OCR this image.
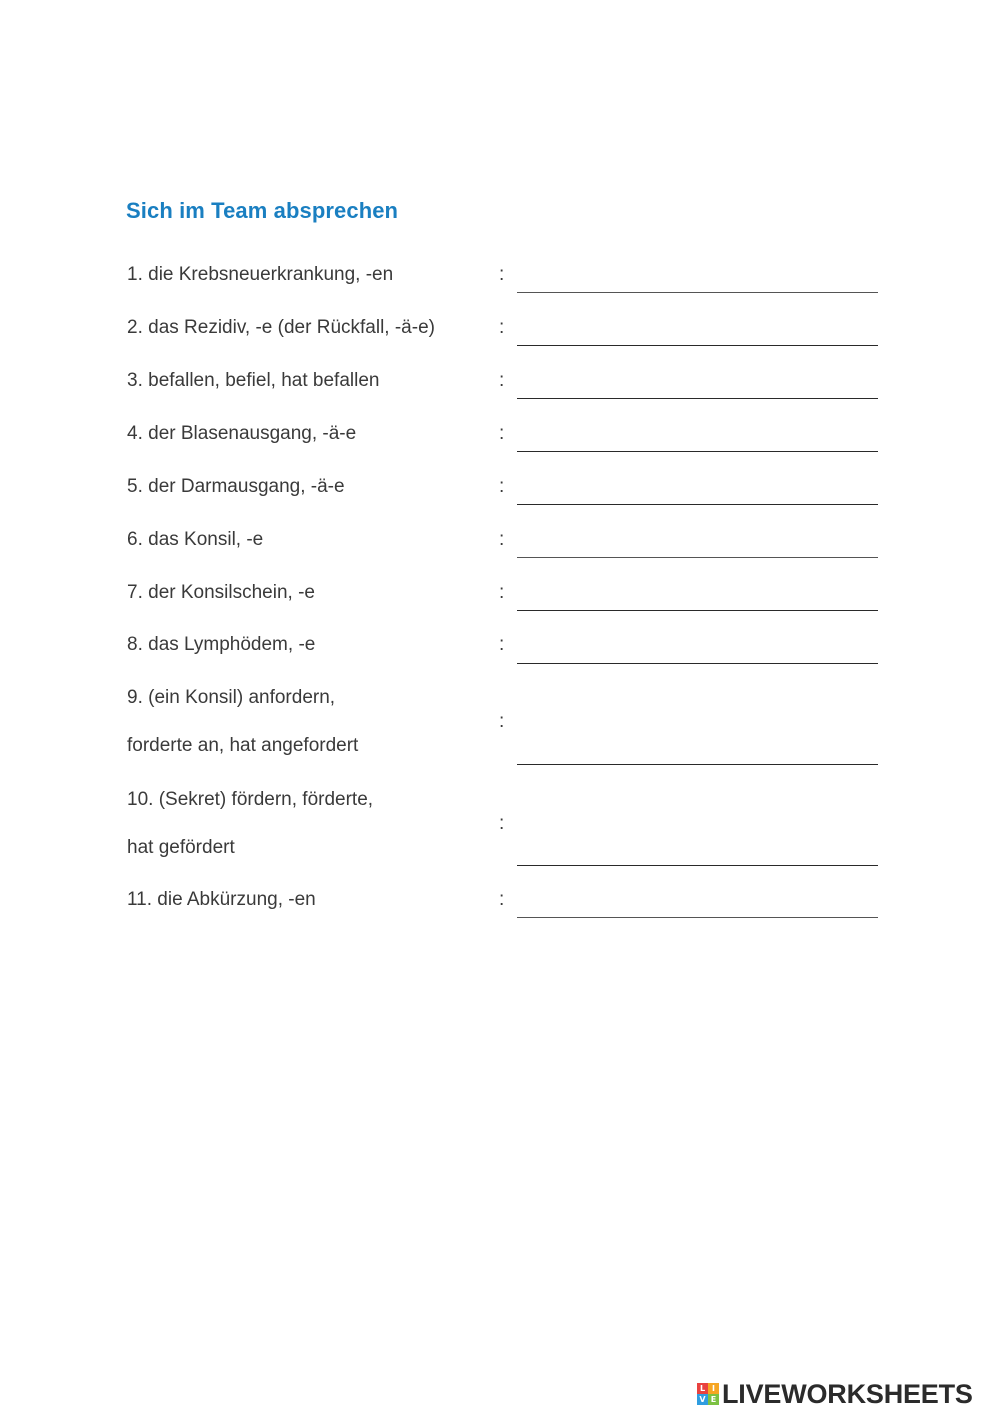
Sich im Team absprechen
1. die Krebsneuerkrankung, -en	:
2. das Rezidiv, -e (der Rückfall, -ä-e)	:
3. befallen, befiel, hat befallen	:
4. der Blasenausgang, -ä-e	:
5. der Darmausgang, -ä-e	:
6. das Konsil, -e	:
7. der Konsilschein, -e	:
8. das Lymphödem, -e	:
9. (ein Konsil) anfordern,
forderte an, hat angefordert
:
10. (Sekret) fördern, förderte,
hat gefördert
:
11. die Abkürzung, -en	:
L I
V E LIVEWORKSHEETS
